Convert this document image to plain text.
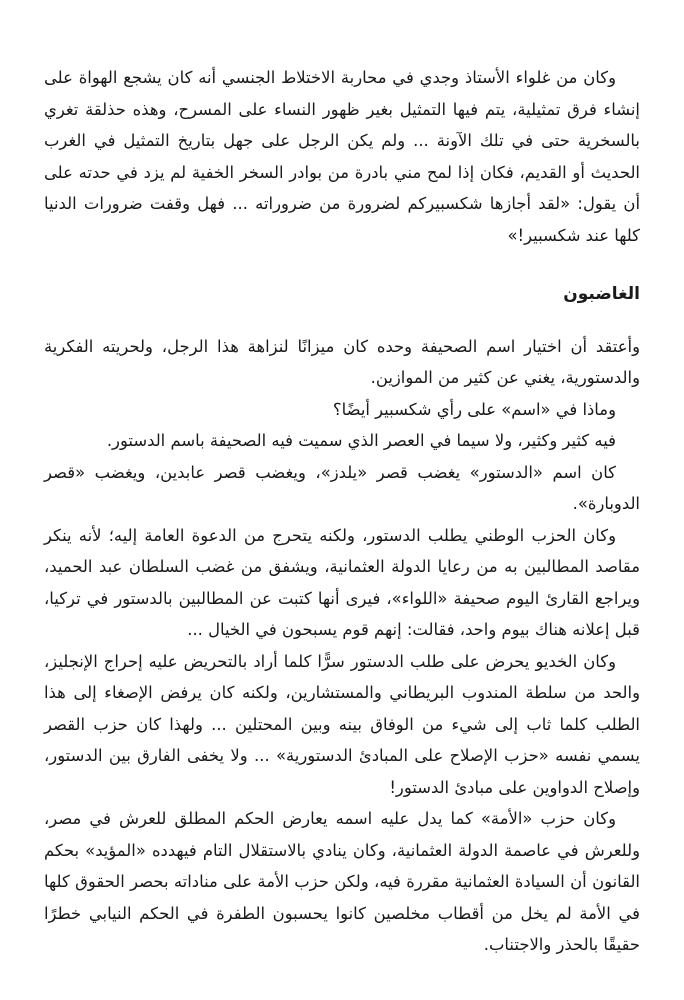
وكان من غلواء الأستاذ وجدي في محاربة الاختلاط الجنسي أنه كان يشجع الهواة على إنشاء فرق تمثيلية، يتم فيها التمثيل بغير ظهور النساء على المسرح، وهذه حذلقة تغري بالسخرية حتى في تلك الآونة ... ولم يكن الرجل على جهل بتاريخ التمثيل في الغرب الحديث أو القديم، فكان إذا لمح مني بادرة من بوادر السخر الخفية لم يزد في حدته على أن يقول: «لقد أجازها شكسبيركم لضرورة من ضروراته ... فهل وقفت ضرورات الدنيا كلها عند شكسبير!»

الغاضبون

وأعتقد أن اختيار اسم الصحيفة وحده كان ميزانًا لنزاهة هذا الرجل، ولحريته الفكرية والدستورية، يغني عن كثير من الموازين.

وماذا في «اسم» على رأي شكسبير أيضًا؟

فيه كثير وكثير، ولا سيما في العصر الذي سميت فيه الصحيفة باسم الدستور.

كان اسم «الدستور» يغضب قصر «يلدز»، ويغضب قصر عابدين، ويغضب «قصر الدوبارة».

وكان الحزب الوطني يطلب الدستور، ولكنه يتحرج من الدعوة العامة إليه؛ لأنه ينكر مقاصد المطالبين به من رعايا الدولة العثمانية، ويشفق من غضب السلطان عبد الحميد، ويراجع القارئ اليوم صحيفة «اللواء»، فيرى أنها كتبت عن المطالبين بالدستور في تركيا، قبل إعلانه هناك بيوم واحد، فقالت: إنهم قوم يسبحون في الخيال ...

وكان الخديو يحرض على طلب الدستور سرًّا كلما أراد بالتحريض عليه إحراج الإنجليز، والحد من سلطة المندوب البريطاني والمستشارين، ولكنه كان يرفض الإصغاء إلى هذا الطلب كلما ثاب إلى شيء من الوفاق بينه وبين المحتلين ... ولهذا كان حزب القصر يسمي نفسه «حزب الإصلاح على المبادئ الدستورية» ... ولا يخفى الفارق بين الدستور، وإصلاح الدواوين على مبادئ الدستور!

وكان حزب «الأمة» كما يدل عليه اسمه يعارض الحكم المطلق للعرش في مصر، وللعرش في عاصمة الدولة العثمانية، وكان ينادي بالاستقلال التام فيهدده «المؤيد» بحكم القانون أن السيادة العثمانية مقررة فيه، ولكن حزب الأمة على مناداته بحصر الحقوق كلها في الأمة لم يخل من أقطاب مخلصين كانوا يحسبون الطفرة في الحكم النيابي خطرًا حقيقًا بالحذر والاجتناب.
